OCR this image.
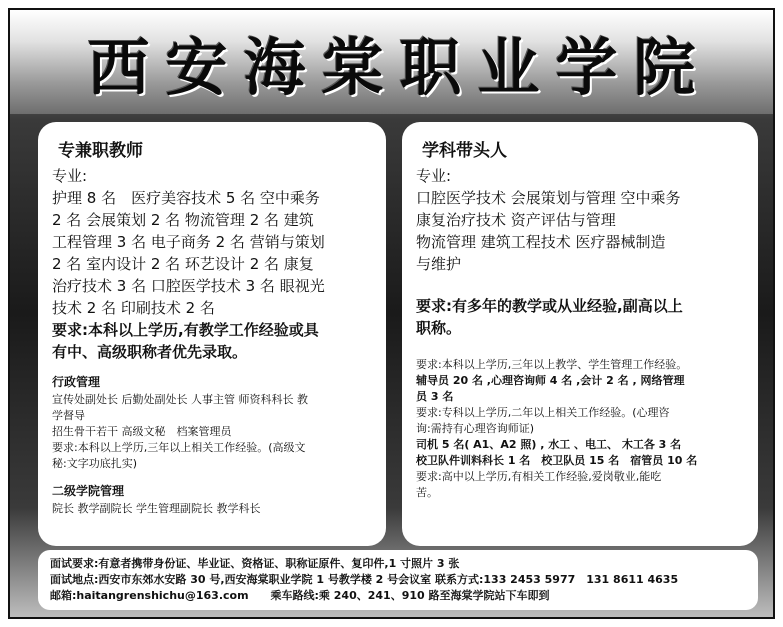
西安海棠职业学院
专兼职教师

专业:

护理 8 名　医疗美容技术 5 名 空中乘务

2 名 会展策划 2 名 物流管理 2 名 建筑

工程管理 3 名 电子商务 2 名 营销与策划

2 名 室内设计 2 名 环艺设计 2 名 康复

治疗技术 3 名 口腔医学技术 3 名 眼视光

技术 2 名 印刷技术 2 名

要求:本科以上学历,有教学工作经验或具

有中、高级职称者优先录取。

行政管理

宣传处副处长 后勤处副处长 人事主管 师资科科长 教

学督导

招生骨干若干 高级文秘　档案管理员

要求:本科以上学历,三年以上相关工作经验。(高级文

秘:文字功底扎实)

二级学院管理

院长 教学副院长 学生管理副院长 教学科长

学科带头人

专业:

口腔医学技术 会展策划与管理 空中乘务

康复治疗技术 资产评估与管理

物流管理 建筑工程技术 医疗器械制造

与维护

要求:有多年的教学或从业经验,副高以上

职称。

要求:本科以上学历,三年以上教学、学生管理工作经验。

辅导员 20 名 ,心理咨询师 4 名 ,会计 2 名 , 网络管理

员 3 名

要求:专科以上学历,二年以上相关工作经验。(心理咨

询:需持有心理咨询师证)

司机 5 名( A1、A2 照) , 水工 、电工、 木工各 3 名

校卫队件训料科长 1 名　校卫队员 15 名　宿管员 10 名

要求:高中以上学历,有相关工作经验,爱岗敬业,能吃

苦。

面试要求:有意者携带身份证、毕业证、资格证、职称证原件、复印件,1 寸照片 3 张

面试地点:西安市东郊水安路 30 号,西安海棠职业学院 1 号教学楼 2 号会议室 联系方式:133 2453 5977　131 8611 4635

邮箱:haitangrenshichu@163.com　　乘车路线:乘 240、241、910 路至海棠学院站下车即到
